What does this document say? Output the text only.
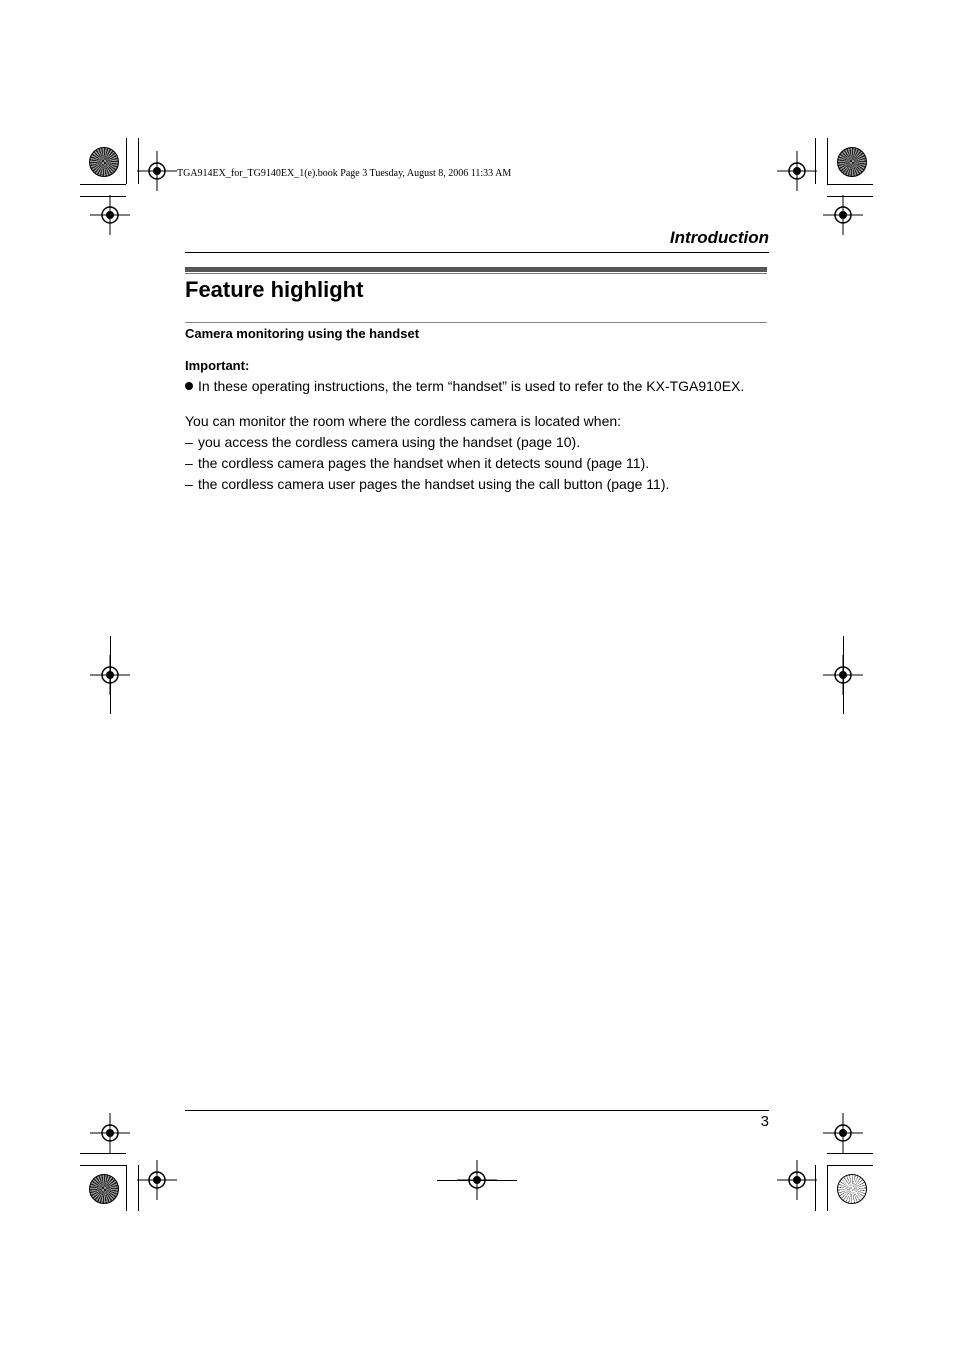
TGA914EX_for_TG9140EX_1(e).book Page 3 Tuesday, August 8, 2006 11:33 AM
Introduction
Feature highlight
Camera monitoring using the handset
Important:
In these operating instructions, the term “handset” is used to refer to the KX-TGA910EX.
You can monitor the room where the cordless camera is located when:
– you access the cordless camera using the handset (page 10).
– the cordless camera pages the handset when it detects sound (page 11).
– the cordless camera user pages the handset using the call button (page 11).
3
